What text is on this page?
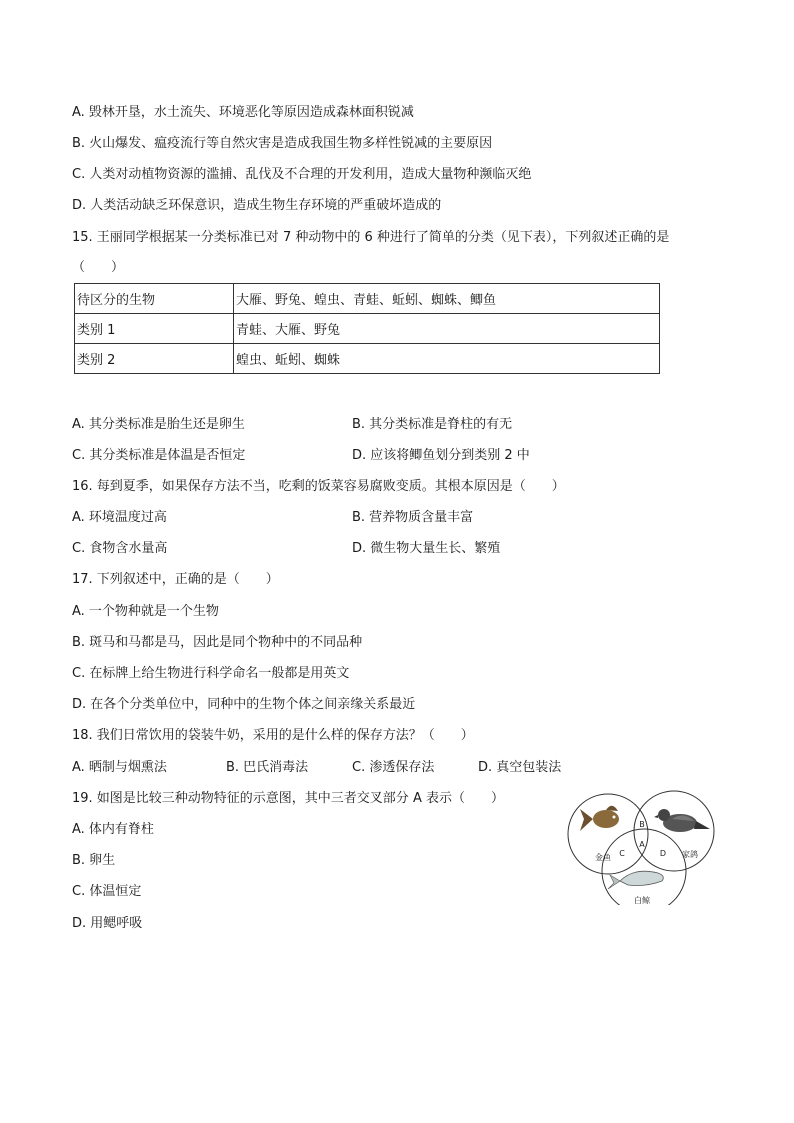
A. 毁林开垦，水土流失、环境恶化等原因造成森林面积锐减
B. 火山爆发、瘟疫流行等自然灾害是造成我国生物多样性锐减的主要原因
C. 人类对动植物资源的滥捕、乱伐及不合理的开发利用，造成大量物种濒临灭绝
D. 人类活动缺乏环保意识，造成生物生存环境的严重破坏造成的
15. 王丽同学根据某一分类标准已对 7 种动物中的 6 种进行了简单的分类（见下表），下列叙述正确的是
（　　）
待区分的生物	大雁、野兔、蝗虫、青蛙、蚯蚓、蜘蛛、鲫鱼
类别 1	青蛙、大雁、野兔
类别 2	蝗虫、蚯蚓、蜘蛛
A. 其分类标准是胎生还是卵生	B. 其分类标准是脊柱的有无
C. 其分类标准是体温是否恒定	D. 应该将鲫鱼划分到类别 2 中
16. 每到夏季，如果保存方法不当，吃剩的饭菜容易腐败变质。其根本原因是（　　）
A. 环境温度过高	B. 营养物质含量丰富
C. 食物含水量高	D. 微生物大量生长、繁殖
17. 下列叙述中，正确的是（　　）
A. 一个物种就是一个生物
B. 斑马和马都是马，因此是同个物种中的不同品种
C. 在标牌上给生物进行科学命名一般都是用英文
D. 在各个分类单位中，同种中的生物个体之间亲缘关系最近
18. 我们日常饮用的袋装牛奶，采用的是什么样的保存方法？（　　）
A. 晒制与烟熏法	B. 巴氏消毒法	C. 渗透保存法	D. 真空包装法
19. 如图是比较三种动物特征的示意图，其中三者交叉部分 A 表示（　　）
A. 体内有脊柱
B. 卵生
C. 体温恒定
D. 用鳃呼吸
金鱼	家鸽
白鲸
A
B
C	D
